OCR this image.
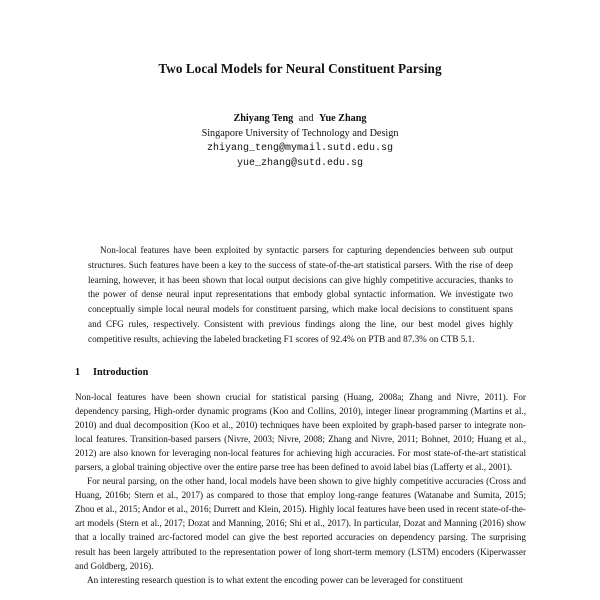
Two Local Models for Neural Constituent Parsing
Zhiyang Teng and Yue Zhang
Singapore University of Technology and Design
zhiyang_teng@mymail.sutd.edu.sg
yue_zhang@sutd.edu.sg
Non-local features have been exploited by syntactic parsers for capturing dependencies between sub output structures. Such features have been a key to the success of state-of-the-art statistical parsers. With the rise of deep learning, however, it has been shown that local output decisions can give highly competitive accuracies, thanks to the power of dense neural input representations that embody global syntactic information. We investigate two conceptually simple local neural models for constituent parsing, which make local decisions to constituent spans and CFG rules, respectively. Consistent with previous findings along the line, our best model gives highly competitive results, achieving the labeled bracketing F1 scores of 92.4% on PTB and 87.3% on CTB 5.1.
1 Introduction

Non-local features have been shown crucial for statistical parsing (Huang, 2008a; Zhang and Nivre, 2011). For dependency parsing, High-order dynamic programs (Koo and Collins, 2010), integer linear programming (Martins et al., 2010) and dual decomposition (Koo et al., 2010) techniques have been exploited by graph-based parser to integrate non-local features. Transition-based parsers (Nivre, 2003; Nivre, 2008; Zhang and Nivre, 2011; Bohnet, 2010; Huang et al., 2012) are also known for leveraging non-local features for achieving high accuracies. For most state-of-the-art statistical parsers, a global training objective over the entire parse tree has been defined to avoid label bias (Lafferty et al., 2001).

For neural parsing, on the other hand, local models have been shown to give highly competitive accuracies (Cross and Huang, 2016b; Stern et al., 2017) as compared to those that employ long-range features (Watanabe and Sumita, 2015; Zhou et al., 2015; Andor et al., 2016; Durrett and Klein, 2015). Highly local features have been used in recent state-of-the-art models (Stern et al., 2017; Dozat and Manning, 2016; Shi et al., 2017). In particular, Dozat and Manning (2016) show that a locally trained arc-factored model can give the best reported accuracies on dependency parsing. The surprising result has been largely attributed to the representation power of long short-term memory (LSTM) encoders (Kiperwasser and Goldberg, 2016).

An interesting research question is to what extent the encoding power can be leveraged for constituent
